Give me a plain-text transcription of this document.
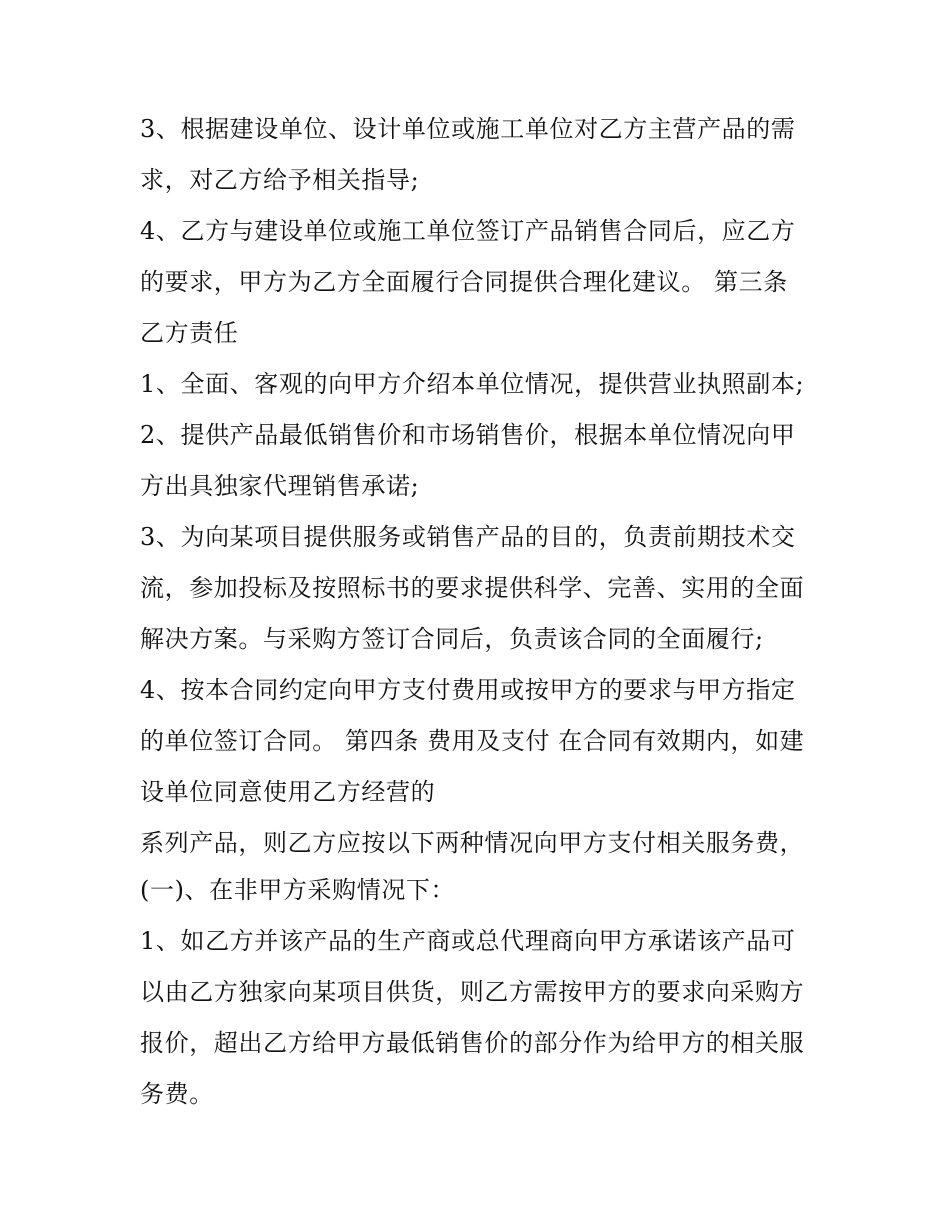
3、根据建设单位、设计单位或施工单位对乙方主营产品的需
求，对乙方给予相关指导;
4、乙方与建设单位或施工单位签订产品销售合同后，应乙方
的要求，甲方为乙方全面履行合同提供合理化建议。 第三条
乙方责任
1、全面、客观的向甲方介绍本单位情况，提供营业执照副本;
2、提供产品最低销售价和市场销售价，根据本单位情况向甲
方出具独家代理销售承诺;
3、为向某项目提供服务或销售产品的目的，负责前期技术交
流，参加投标及按照标书的要求提供科学、完善、实用的全面
解决方案。与采购方签订合同后，负责该合同的全面履行;
4、按本合同约定向甲方支付费用或按甲方的要求与甲方指定
的单位签订合同。 第四条 费用及支付 在合同有效期内，如建
设单位同意使用乙方经营的
系列产品，则乙方应按以下两种情况向甲方支付相关服务费，
(一)、在非甲方采购情况下：
1、如乙方并该产品的生产商或总代理商向甲方承诺该产品可
以由乙方独家向某项目供货，则乙方需按甲方的要求向采购方
报价，超出乙方给甲方最低销售价的部分作为给甲方的相关服
务费。
